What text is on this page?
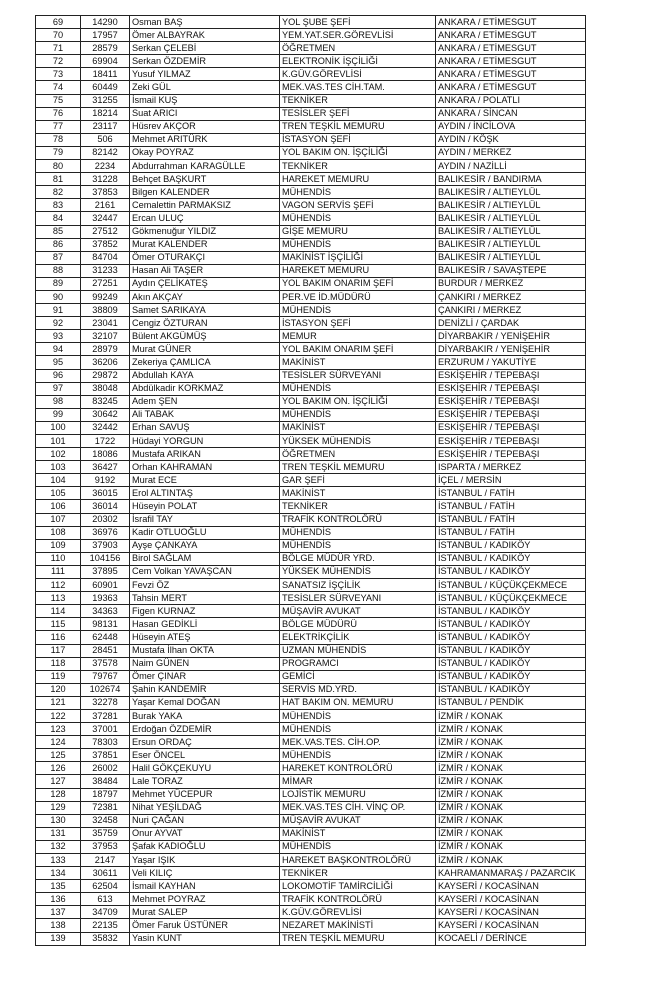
69	14290	Osman BAŞ	YOL ŞUBE ŞEFİ	ANKARA / ETİMESGUT
70	17957	Ömer ALBAYRAK	YEM.YAT.SER.GÖREVLİSİ	ANKARA / ETİMESGUT
71	28579	Serkan ÇELEBİ	ÖĞRETMEN	ANKARA / ETİMESGUT
72	69904	Serkan ÖZDEMİR	ELEKTRONİK İŞÇİLİĞİ	ANKARA / ETİMESGUT
73	18411	Yusuf YILMAZ	K.GÜV.GÖREVLİSİ	ANKARA / ETİMESGUT
74	60449	Zeki GÜL	MEK.VAS.TES CİH.TAM.	ANKARA / ETİMESGUT
75	31255	İsmail KUŞ	TEKNİKER	ANKARA / POLATLI
76	18214	Suat ARICI	TESİSLER ŞEFİ	ANKARA / SİNCAN
77	23117	Hüsrev AKÇOR	TREN TEŞKİL MEMURU	AYDIN / İNCİLOVA
78	506	Mehmet ARITÜRK	İSTASYON ŞEFİ	AYDIN / KÖŞK
79	82142	Okay POYRAZ	YOL BAKIM ON. İŞÇİLİĞİ	AYDIN / MERKEZ
80	2234	Abdurrahman KARAGÜLLE	TEKNİKER	AYDIN / NAZİLLİ
81	31228	Behçet BAŞKURT	HAREKET MEMURU	BALIKESİR / BANDIRMA
82	37853	Bilgen KALENDER	MÜHENDİS	BALIKESİR / ALTIEYLÜL
83	2161	Cemalettin PARMAKSIZ	VAGON SERVİS ŞEFİ	BALIKESİR / ALTIEYLÜL
84	32447	Ercan ULUÇ	MÜHENDİS	BALIKESİR / ALTIEYLÜL
85	27512	Gökmenuğur YILDIZ	GİŞE MEMURU	BALIKESİR / ALTIEYLÜL
86	37852	Murat KALENDER	MÜHENDİS	BALIKESİR / ALTIEYLÜL
87	84704	Ömer OTURAKÇI	MAKİNİST İŞÇİLİĞİ	BALIKESİR / ALTIEYLÜL
88	31233	Hasan Ali TAŞER	HAREKET MEMURU	BALIKESİR / SAVAŞTEPE
89	27251	Aydın ÇELİKATEŞ	YOL BAKIM ONARIM ŞEFİ	BURDUR / MERKEZ
90	99249	Akın AKÇAY	PER.VE İD.MÜDÜRÜ	ÇANKIRI / MERKEZ
91	38809	Samet SARIKAYA	MÜHENDİS	ÇANKIRI / MERKEZ
92	23041	Cengiz ÖZTURAN	İSTASYON ŞEFİ	DENİZLİ / ÇARDAK
93	32107	Bülent AKGÜMÜŞ	MEMUR	DİYARBAKIR / YENİŞEHİR
94	28979	Murat GÜNER	YOL BAKIM ONARIM ŞEFİ	DİYARBAKIR / YENİŞEHİR
95	36206	Zekeriya ÇAMLICA	MAKİNİST	ERZURUM / YAKUTİYE
96	29872	Abdullah KAYA	TESİSLER SÜRVEYANI	ESKİŞEHİR / TEPEBAŞI
97	38048	Abdülkadir KORKMAZ	MÜHENDİS	ESKİŞEHİR / TEPEBAŞI
98	83245	Adem ŞEN	YOL BAKIM ON. İŞÇİLİĞİ	ESKİŞEHİR / TEPEBAŞI
99	30642	Ali TABAK	MÜHENDİS	ESKİŞEHİR / TEPEBAŞI
100	32442	Erhan SAVUŞ	MAKİNİST	ESKİŞEHİR / TEPEBAŞI
101	1722	Hüdayi YORGUN	YÜKSEK MÜHENDİS	ESKİŞEHİR / TEPEBAŞI
102	18086	Mustafa ARIKAN	ÖĞRETMEN	ESKİŞEHİR / TEPEBAŞI
103	36427	Orhan KAHRAMAN	TREN TEŞKİL MEMURU	ISPARTA / MERKEZ
104	9192	Murat ECE	GAR ŞEFİ	İÇEL / MERSİN
105	36015	Erol ALTINTAŞ	MAKİNİST	İSTANBUL / FATİH
106	36014	Hüseyin POLAT	TEKNİKER	İSTANBUL / FATİH
107	20302	İsrafil TAY	TRAFİK KONTROLÖRÜ	İSTANBUL / FATİH
108	36976	Kadir OTLUOĞLU	MÜHENDİS	İSTANBUL / FATİH
109	37903	Ayşe ÇANKAYA	MÜHENDİS	İSTANBUL / KADIKÖY
110	104156	Birol SAĞLAM	BÖLGE MÜDÜR YRD.	İSTANBUL / KADIKÖY
111	37895	Cem Volkan YAVAŞCAN	YÜKSEK MÜHENDİS	İSTANBUL / KADIKÖY
112	60901	Fevzi ÖZ	SANATSIZ İŞÇİLİK	İSTANBUL / KÜÇÜKÇEKMECE
113	19363	Tahsin MERT	TESİSLER SÜRVEYANI	İSTANBUL / KÜÇÜKÇEKMECE
114	34363	Figen KURNAZ	MÜŞAVİR AVUKAT	İSTANBUL / KADIKÖY
115	98131	Hasan GEDİKLİ	BÖLGE MÜDÜRÜ	İSTANBUL / KADIKÖY
116	62448	Hüseyin ATEŞ	ELEKTRİKÇİLİK	İSTANBUL / KADIKÖY
117	28451	Mustafa İlhan OKTA	UZMAN MÜHENDİS	İSTANBUL / KADIKÖY
118	37578	Naim GÜNEN	PROGRAMCI	İSTANBUL / KADIKÖY
119	79767	Ömer ÇINAR	GEMİCİ	İSTANBUL / KADIKÖY
120	102674	Şahin KANDEMİR	SERVİS MD.YRD.	İSTANBUL / KADIKÖY
121	32278	Yaşar Kemal DOĞAN	HAT BAKIM ON. MEMURU	İSTANBUL / PENDİK
122	37281	Burak YAKA	MÜHENDİS	İZMİR / KONAK
123	37001	Erdoğan ÖZDEMİR	MÜHENDİS	İZMİR / KONAK
124	78303	Ersun ORDAÇ	MEK.VAS.TES. CİH.OP.	İZMİR / KONAK
125	37851	Eser ÖNCEL	MÜHENDİS	İZMİR / KONAK
126	26002	Halil GÖKÇEKUYU	HAREKET KONTROLÖRÜ	İZMİR / KONAK
127	38484	Lale TORAZ	MİMAR	İZMİR / KONAK
128	18797	Mehmet YÜCEPUR	LOJİSTİK MEMURU	İZMİR / KONAK
129	72381	Nihat YEŞİLDAĞ	MEK.VAS.TES CİH. VİNÇ OP.	İZMİR / KONAK
130	32458	Nuri ÇAĞAN	MÜŞAVİR AVUKAT	İZMİR / KONAK
131	35759	Onur AYVAT	MAKİNİST	İZMİR / KONAK
132	37953	Şafak KADIOĞLU	MÜHENDİS	İZMİR / KONAK
133	2147	Yaşar IŞIK	HAREKET BAŞKONTROLÖRÜ	İZMİR / KONAK
134	30611	Veli KILIÇ	TEKNİKER	KAHRAMANMARAŞ / PAZARCIK
135	62504	İsmail KAYHAN	LOKOMOTİF TAMİRCİLİĞİ	KAYSERİ / KOCASİNAN
136	613	Mehmet POYRAZ	TRAFİK KONTROLÖRÜ	KAYSERİ / KOCASİNAN
137	34709	Murat SALEP	K.GÜV.GÖREVLİSİ	KAYSERİ / KOCASİNAN
138	22135	Ömer Faruk ÜSTÜNER	NEZARET MAKİNİSTİ	KAYSERİ / KOCASİNAN
139	35832	Yasin KUNT	TREN TEŞKİL MEMURU	KOCAELİ / DERİNCE
